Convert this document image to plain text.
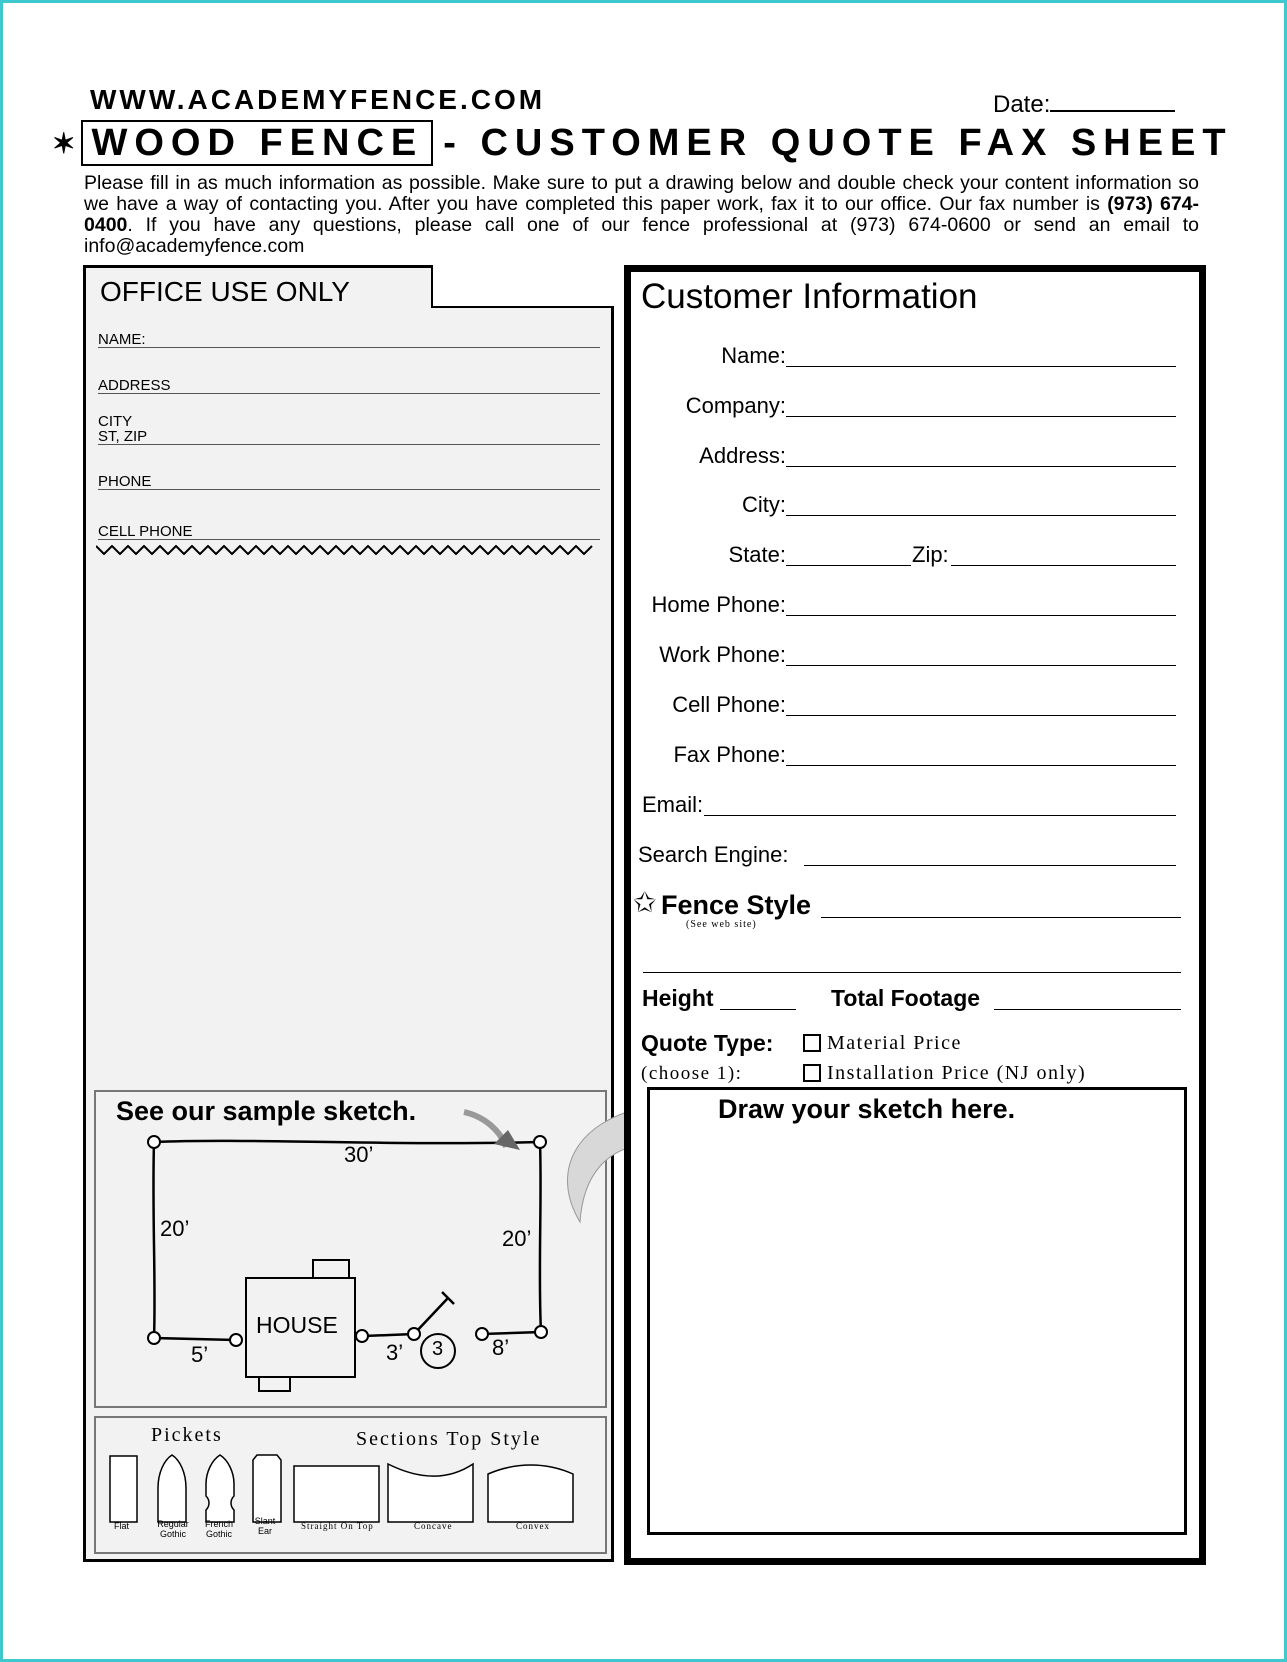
WWW.ACADEMYFENCE.COM	Date:
✶ WOOD FENCE - CUSTOMER QUOTE FAX SHEET
Please fill in as much information as possible. Make sure to put a drawing below and double check your content information so we have a way of contacting you. After you have completed this paper work, fax it to our office. Our fax number is (973) 674-0400. If you have any questions, please call one of our fence professional at (973) 674-0600 or send an email to info@academyfence.com
OFFICE USE ONLY
NAME:
ADDRESS
CITY
ST, ZIP
PHONE
CELL PHONE
See our sample sketch.
30’
20’	20’
HOUSE
5’	3’ 3 8’
Pickets	Sections Top Style
Flat	Regular Gothic
French Gothic
Slant Ear	Straight On Top	Concave	Convex
Customer Information
Name:
Company:
Address:
City:
State:	Zip:
Home Phone:
Work Phone:
Cell Phone:
Fax Phone:
Email:
Search Engine:
✩ Fence Style
(See web site)
Height	Total Footage
Quote Type:
(choose 1):
Material Price
Installation Price (NJ only)
Draw your sketch here.
